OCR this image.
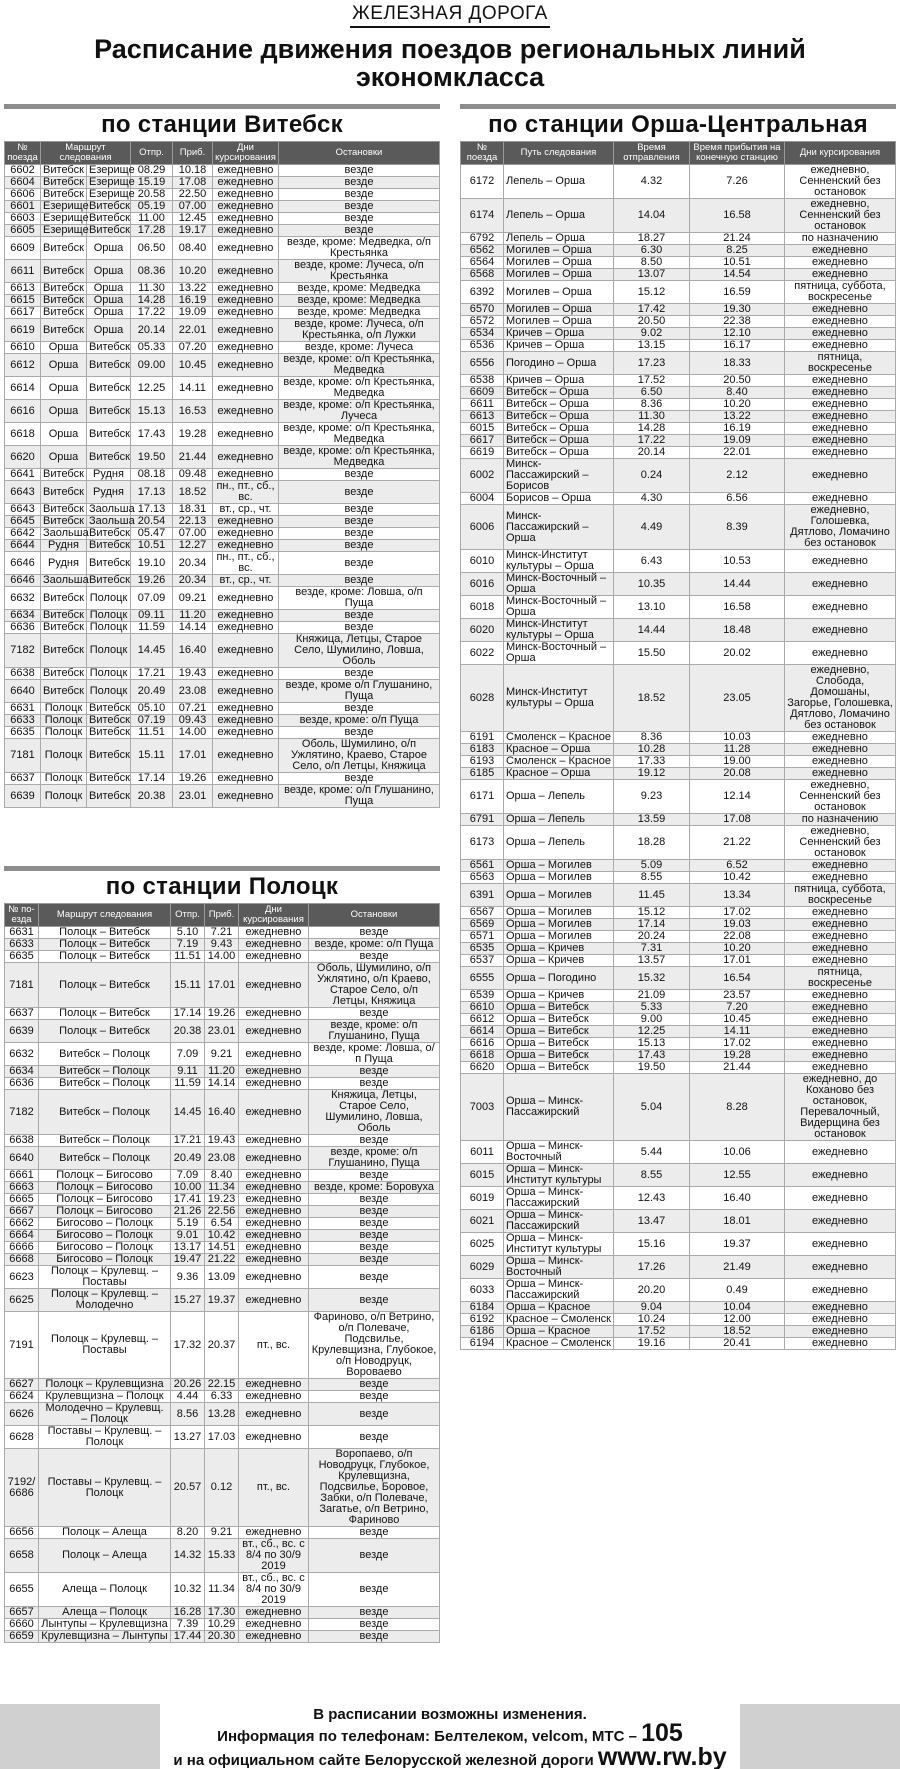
ЖЕЛЕЗНАЯ ДОРОГА
Расписание движения поездов региональных линий
экономкласса
по станции Витебск
№ поезда	Маршрут следования		Отпр.	Приб.	Дни курсирования	Остановки
6602	Витебск	Езерище	08.29	10.18	ежедневно	везде
6604	Витебск	Езерище	15.19	17.08	ежедневно	везде
6606	Витебск	Езерище	20.58	22.50	ежедневно	везде
6601	Езерище	Витебск	05.19	07.00	ежедневно	везде
6603	Езерище	Витебск	11.00	12.45	ежедневно	везде
6605	Езерище	Витебск	17.28	19.17	ежедневно	везде
6609	Витебск	Орша	06.50	08.40	ежедневно	везде, кроме: Медведка, о/п Крестьянка
6611	Витебск	Орша	08.36	10.20	ежедневно	везде, кроме: Лучеса, о/п Крестьянка
6613	Витебск	Орша	11.30	13.22	ежедневно	везде, кроме: Медведка
6615	Витебск	Орша	14.28	16.19	ежедневно	везде, кроме: Медведка
6617	Витебск	Орша	17.22	19.09	ежедневно	везде, кроме: Медведка
6619	Витебск	Орша	20.14	22.01	ежедневно	везде, кроме: Лучеса, о/п Крестьянка, о/п Лужки
6610	Орша	Витебск	05.33	07.20	ежедневно	везде, кроме: Лучеса
6612	Орша	Витебск	09.00	10.45	ежедневно	везде, кроме: о/п Крестьянка, Медведка
6614	Орша	Витебск	12.25	14.11	ежедневно	везде, кроме: о/п Крестьянка, Медведка
6616	Орша	Витебск	15.13	16.53	ежедневно	везде, кроме: о/п Крестьянка, Лучеса
6618	Орша	Витебск	17.43	19.28	ежедневно	везде, кроме: о/п Крестьянка, Медведка
6620	Орша	Витебск	19.50	21.44	ежедневно	везде, кроме: о/п Крестьянка, Медведка
6641	Витебск	Рудня	08.18	09.48	ежедневно	везде
6643	Витебск	Рудня	17.13	18.52	пн., пт., сб., вс.	везде
6643	Витебск	Заольша	17.13	18.31	вт., ср., чт.	везде
6645	Витебск	Заольша	20.54	22.13	ежедневно	везде
6642	Заольша	Витебск	05.47	07.00	ежедневно	везде
6644	Рудня	Витебск	10.51	12.27	ежедневно	везде
6646	Рудня	Витебск	19.10	20.34	пн., пт., сб., вс.	везде
6646	Заольша	Витебск	19.26	20.34	вт., ср., чт.	везде
6632	Витебск	Полоцк	07.09	09.21	ежедневно	везде, кроме: Ловша, о/п Пуща
6634	Витебск	Полоцк	09.11	11.20	ежедневно	везде
6636	Витебск	Полоцк	11.59	14.14	ежедневно	везде
7182	Витебск	Полоцк	14.45	16.40	ежедневно	Княжица, Летцы, Старое Село, Шумилино, Ловша, Оболь
6638	Витебск	Полоцк	17.21	19.43	ежедневно	везде
6640	Витебск	Полоцк	20.49	23.08	ежедневно	везде, кроме о/п Глушанино, Пуща
6631	Полоцк	Витебск	05.10	07.21	ежедневно	везде
6633	Полоцк	Витебск	07.19	09.43	ежедневно	везде, кроме: о/п Пуща
6635	Полоцк	Витебск	11.51	14.00	ежедневно	везде
7181	Полоцк	Витебск	15.11	17.01	ежедневно	Оболь, Шумилино, о/п Ужлятино, Краево, Старое Село, о/п Летцы, Княжица
6637	Полоцк	Витебск	17.14	19.26	ежедневно	везде
6639	Полоцк	Витебск	20.38	23.01	ежедневно	везде, кроме: о/п Глушанино, Пуща
по станции Полоцк
№ по-езда	Маршрут следования	Отпр.	Приб.	Дни курсирования	Остановки
6631	Полоцк – Витебск	5.10	7.21	ежедневно	везде
6633	Полоцк – Витебск	7.19	9.43	ежедневно	везде, кроме: о/п Пуща
6635	Полоцк – Витебск	11.51	14.00	ежедневно	везде
7181	Полоцк – Витебск	15.11	17.01	ежедневно	Оболь, Шумилино, о/п Ужлятино, о/п Краево, Старое Село, о/п Летцы, Княжица
6637	Полоцк – Витебск	17.14	19.26	ежедневно	везде
6639	Полоцк – Витебск	20.38	23.01	ежедневно	везде, кроме: о/п Глушанино, Пуща
6632	Витебск – Полоцк	7.09	9.21	ежедневно	везде, кроме: Ловша, о/п Пуща
6634	Витебск – Полоцк	9.11	11.20	ежедневно	везде
6636	Витебск – Полоцк	11.59	14.14	ежедневно	везде
7182	Витебск – Полоцк	14.45	16.40	ежедневно	Княжица, Летцы, Старое Село, Шумилино, Ловша, Оболь
6638	Витебск – Полоцк	17.21	19.43	ежедневно	везде
6640	Витебск – Полоцк	20.49	23.08	ежедневно	везде, кроме: о/п Глушанино, Пуща
6661	Полоцк – Бигосово	7.09	8.40	ежедневно	везде
6663	Полоцк – Бигосово	10.00	11.34	ежедневно	везде, кроме: Боровуха
6665	Полоцк – Бигосово	17.41	19.23	ежедневно	везде
6667	Полоцк – Бигосово	21.26	22.56	ежедневно	везде
6662	Бигосово – Полоцк	5.19	6.54	ежедневно	везде
6664	Бигосово – Полоцк	9.01	10.42	ежедневно	везде
6666	Бигосово – Полоцк	13.17	14.51	ежедневно	везде
6668	Бигосово – Полоцк	19.47	21.22	ежедневно	везде
6623	Полоцк – Крулевщ. – Поставы	9.36	13.09	ежедневно	везде
6625	Полоцк – Крулевщ. – Молодечно	15.27	19.37	ежедневно	везде
7191	Полоцк – Крулевщ. – Поставы	17.32	20.37	пт., вс.	Фариново, о/п Ветрино, о/п Полеваче, Подсвилье, Крулевщизна, Глубокое, о/п Новодруцк, Вороваево
6627	Полоцк – Крулевщизна	20.26	22.15	ежедневно	везде
6624	Крулевщизна – Полоцк	4.44	6.33	ежедневно	везде
6626	Молодечно – Крулевщ. – Полоцк	8.56	13.28	ежедневно	везде
6628	Поставы – Крулевщ. – Полоцк	13.27	17.03	ежедневно	везде
7192/ 6686	Поставы – Крулевщ. – Полоцк	20.57	0.12	пт., вс.	Воропаево, о/п Новодруцк, Глубокое, Крулевщизна, Подсвилье, Боровое, Забки, о/п Полеваче, Загатье, о/п Ветрино, Фариново
6656	Полоцк – Алеща	8.20	9.21	ежедневно	везде
6658	Полоцк – Алеща	14.32	15.33	вт., сб., вс. с 8/4 по 30/9 2019	везде
6655	Алеща – Полоцк	10.32	11.34	вт., сб., вс. с 8/4 по 30/9 2019	везде
6657	Алеща – Полоцк	16.28	17.30	ежедневно	везде
6660	Лынтупы – Крулевщизна	7.39	10.29	ежедневно	везде
6659	Крулевщизна – Лынтупы	17.44	20.30	ежедневно	везде
по станции Орша-Центральная
№ поезда	Путь следования	Время отправления	Время прибытия на конечную станцию	Дни курсирования
6172	Лепель – Орша	4.32	7.26	ежедневно, Сенненский без остановок
6174	Лепель – Орша	14.04	16.58	ежедневно, Сенненский без остановок
6792	Лепель – Орша	18.27	21.24	по назначению
6562	Могилев – Орша	6.30	8.25	ежедневно
6564	Могилев – Орша	8.50	10.51	ежедневно
6568	Могилев – Орша	13.07	14.54	ежедневно
6392	Могилев – Орша	15.12	16.59	пятница, суббота, воскресенье
6570	Могилев – Орша	17.42	19.30	ежедневно
6572	Могилев – Орша	20.50	22.38	ежедневно
6534	Кричев – Орша	9.02	12.10	ежедневно
6536	Кричев – Орша	13.15	16.17	ежедневно
6556	Погодино – Орша	17.23	18.33	пятница, воскресенье
6538	Кричев – Орша	17.52	20.50	ежедневно
6609	Витебск – Орша	6.50	8.40	ежедневно
6611	Витебск – Орша	8.36	10.20	ежедневно
6613	Витебск – Орша	11.30	13.22	ежедневно
6015	Витебск – Орша	14.28	16.19	ежедневно
6617	Витебск – Орша	17.22	19.09	ежедневно
6619	Витебск – Орша	20.14	22.01	ежедневно
6002	Минск-Пассажирский – Борисов	0.24	2.12	ежедневно
6004	Борисов – Орша	4.30	6.56	ежедневно
6006	Минск-Пассажирский – Орша	4.49	8.39	ежедневно, Голошевка, Дятлово, Ломачино без остановок
6010	Минск-Институт культуры – Орша	6.43	10.53	ежедневно
6016	Минск-Восточный – Орша	10.35	14.44	ежедневно
6018	Минск-Восточный – Орша	13.10	16.58	ежедневно
6020	Минск-Институт культуры – Орша	14.44	18.48	ежедневно
6022	Минск-Восточный – Орша	15.50	20.02	ежедневно
6028	Минск-Институт культуры – Орша	18.52	23.05	ежедневно, Слобода, Домошаны, Загорье, Голошевка, Дятлово, Ломачино без остановок
6191	Смоленск – Красное	8.36	10.03	ежедневно
6183	Красное – Орша	10.28	11.28	ежедневно
6193	Смоленск – Красное	17.33	19.00	ежедневно
6185	Красное – Орша	19.12	20.08	ежедневно
6171	Орша – Лепель	9.23	12.14	ежедневно, Сенненский без остановок
6791	Орша – Лепель	13.59	17.08	по назначению
6173	Орша – Лепель	18.28	21.22	ежедневно, Сенненский без остановок
6561	Орша – Могилев	5.09	6.52	ежедневно
6563	Орша – Могилев	8.55	10.42	ежедневно
6391	Орша – Могилев	11.45	13.34	пятница, суббота, воскресенье
6567	Орша – Могилев	15.12	17.02	ежедневно
6569	Орша – Могилев	17.14	19.03	ежедневно
6571	Орша – Могилев	20.24	22.08	ежедневно
6535	Орша – Кричев	7.31	10.20	ежедневно
6537	Орша – Кричев	13.57	17.01	ежедневно
6555	Орша – Погодино	15.32	16.54	пятница, воскресенье
6539	Орша – Кричев	21.09	23.57	ежедневно
6610	Орша – Витебск	5.33	7.20	ежедневно
6612	Орша – Витебск	9.00	10.45	ежедневно
6614	Орша – Витебск	12.25	14.11	ежедневно
6616	Орша – Витебск	15.13	17.02	ежедневно
6618	Орша – Витебск	17.43	19.28	ежедневно
6620	Орша – Витебск	19.50	21.44	ежедневно
7003	Орша – Минск-Пассажирский	5.04	8.28	ежедневно, до Коханово без остановок, Перевалочный, Видерщина без остановок
6011	Орша – Минск-Восточный	5.44	10.06	ежедневно
6015	Орша – Минск-Институт культуры	8.55	12.55	ежедневно
6019	Орша – Минск-Пассажирский	12.43	16.40	ежедневно
6021	Орша – Минск-Пассажирский	13.47	18.01	ежедневно
6025	Орша – Минск-Институт культуры	15.16	19.37	ежедневно
6029	Орша – Минск-Восточный	17.26	21.49	ежедневно
6033	Орша – Минск-Пассажирский	20.20	0.49	ежедневно
6184	Орша – Красное	9.04	10.04	ежедневно
6192	Красное – Смоленск	10.24	12.00	ежедневно
6186	Орша – Красное	17.52	18.52	ежедневно
6194	Красное – Смоленск	19.16	20.41	ежедневно
В расписании возможны изменения.
Информация по телефонам: Белтелеком, velcom, МТС – 105
и на официальном сайте Белорусской железной дороги www.rw.by
